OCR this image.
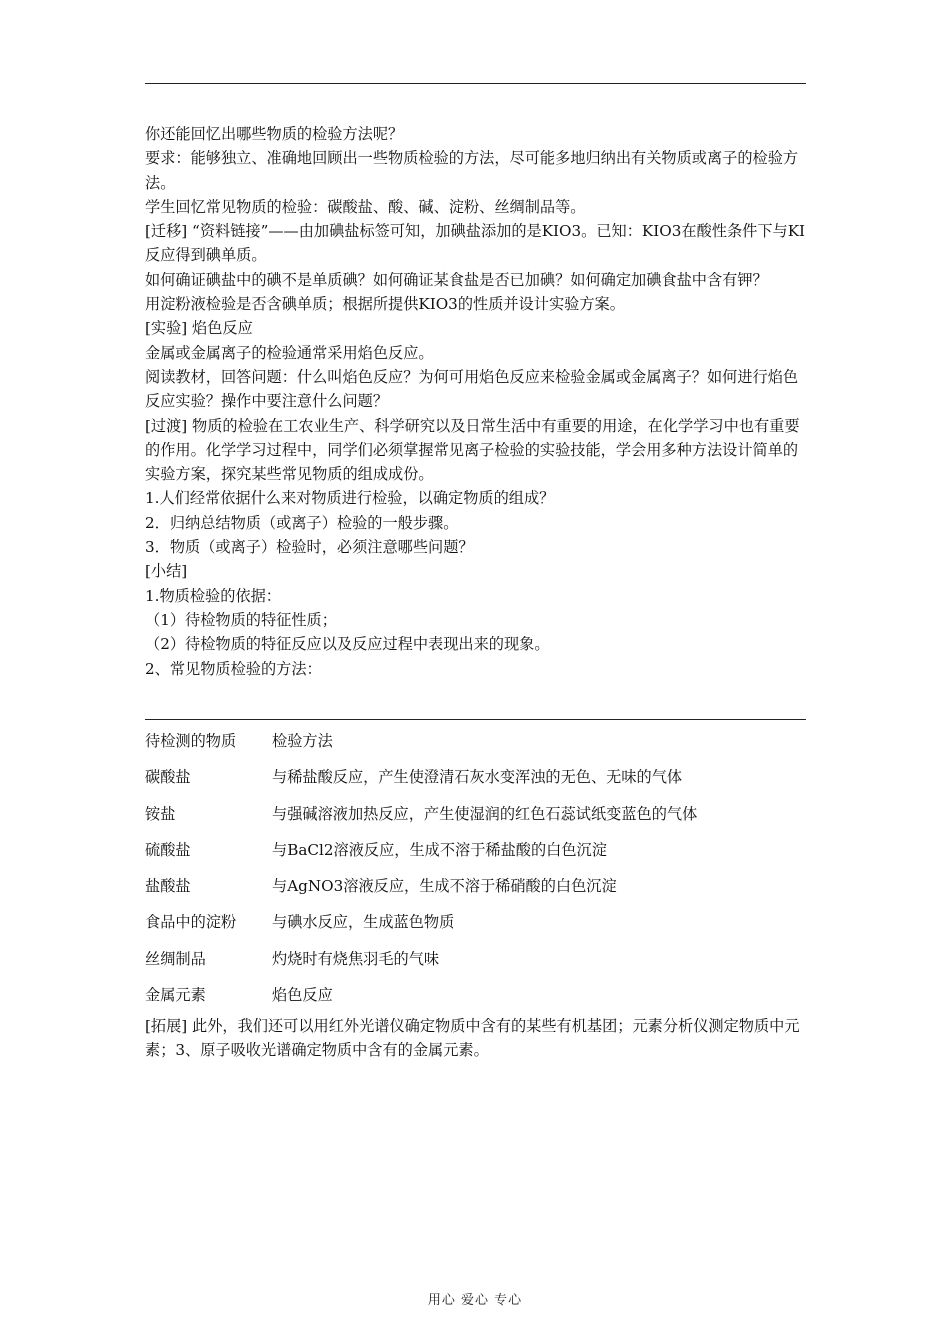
你还能回忆出哪些物质的检验方法呢？

要求：能够独立、准确地回顾出一些物质检验的方法，尽可能多地归纳出有关物质或离子的检验方法。

学生回忆常见物质的检验：碳酸盐、酸、碱、淀粉、丝绸制品等。

[迁移] “资料链接”——由加碘盐标签可知，加碘盐添加的是KIO3。已知：KIO3在酸性条件下与KI反应得到碘单质。

如何确证碘盐中的碘不是单质碘？如何确证某食盐是否已加碘？如何确定加碘食盐中含有钾？

用淀粉液检验是否含碘单质；根据所提供KIO3的性质并设计实验方案。

[实验] 焰色反应

金属或金属离子的检验通常采用焰色反应。

阅读教材，回答问题：什么叫焰色反应？为何可用焰色反应来检验金属或金属离子？如何进行焰色反应实验？操作中要注意什么问题？

[过渡] 物质的检验在工农业生产、科学研究以及日常生活中有重要的用途，在化学学习中也有重要的作用。化学学习过程中，同学们必须掌握常见离子检验的实验技能，学会用多种方法设计简单的实验方案，探究某些常见物质的组成成份。

1.人们经常依据什么来对物质进行检验，以确定物质的组成？

2．归纳总结物质（或离子）检验的一般步骤。

3．物质（或离子）检验时，必须注意哪些问题？

[小结]

1.物质检验的依据：

（1）待检物质的特征性质；

（2）待检物质的特征反应以及反应过程中表现出来的现象。

2、常见物质检验的方法：

待检测的物质	检验方法
碳酸盐	与稀盐酸反应，产生使澄清石灰水变浑浊的无色、无味的气体
铵盐	与强碱溶液加热反应，产生使湿润的红色石蕊试纸变蓝色的气体
硫酸盐	与BaCl2溶液反应，生成不溶于稀盐酸的白色沉淀
盐酸盐	与AgNO3溶液反应，生成不溶于稀硝酸的白色沉淀
食品中的淀粉	与碘水反应，生成蓝色物质
丝绸制品	灼烧时有烧焦羽毛的气味
金属元素	焰色反应

[拓展] 此外，我们还可以用红外光谱仪确定物质中含有的某些有机基团；元素分析仪测定物质中元素；3、原子吸收光谱确定物质中含有的金属元素。

用心 爱心 专心
